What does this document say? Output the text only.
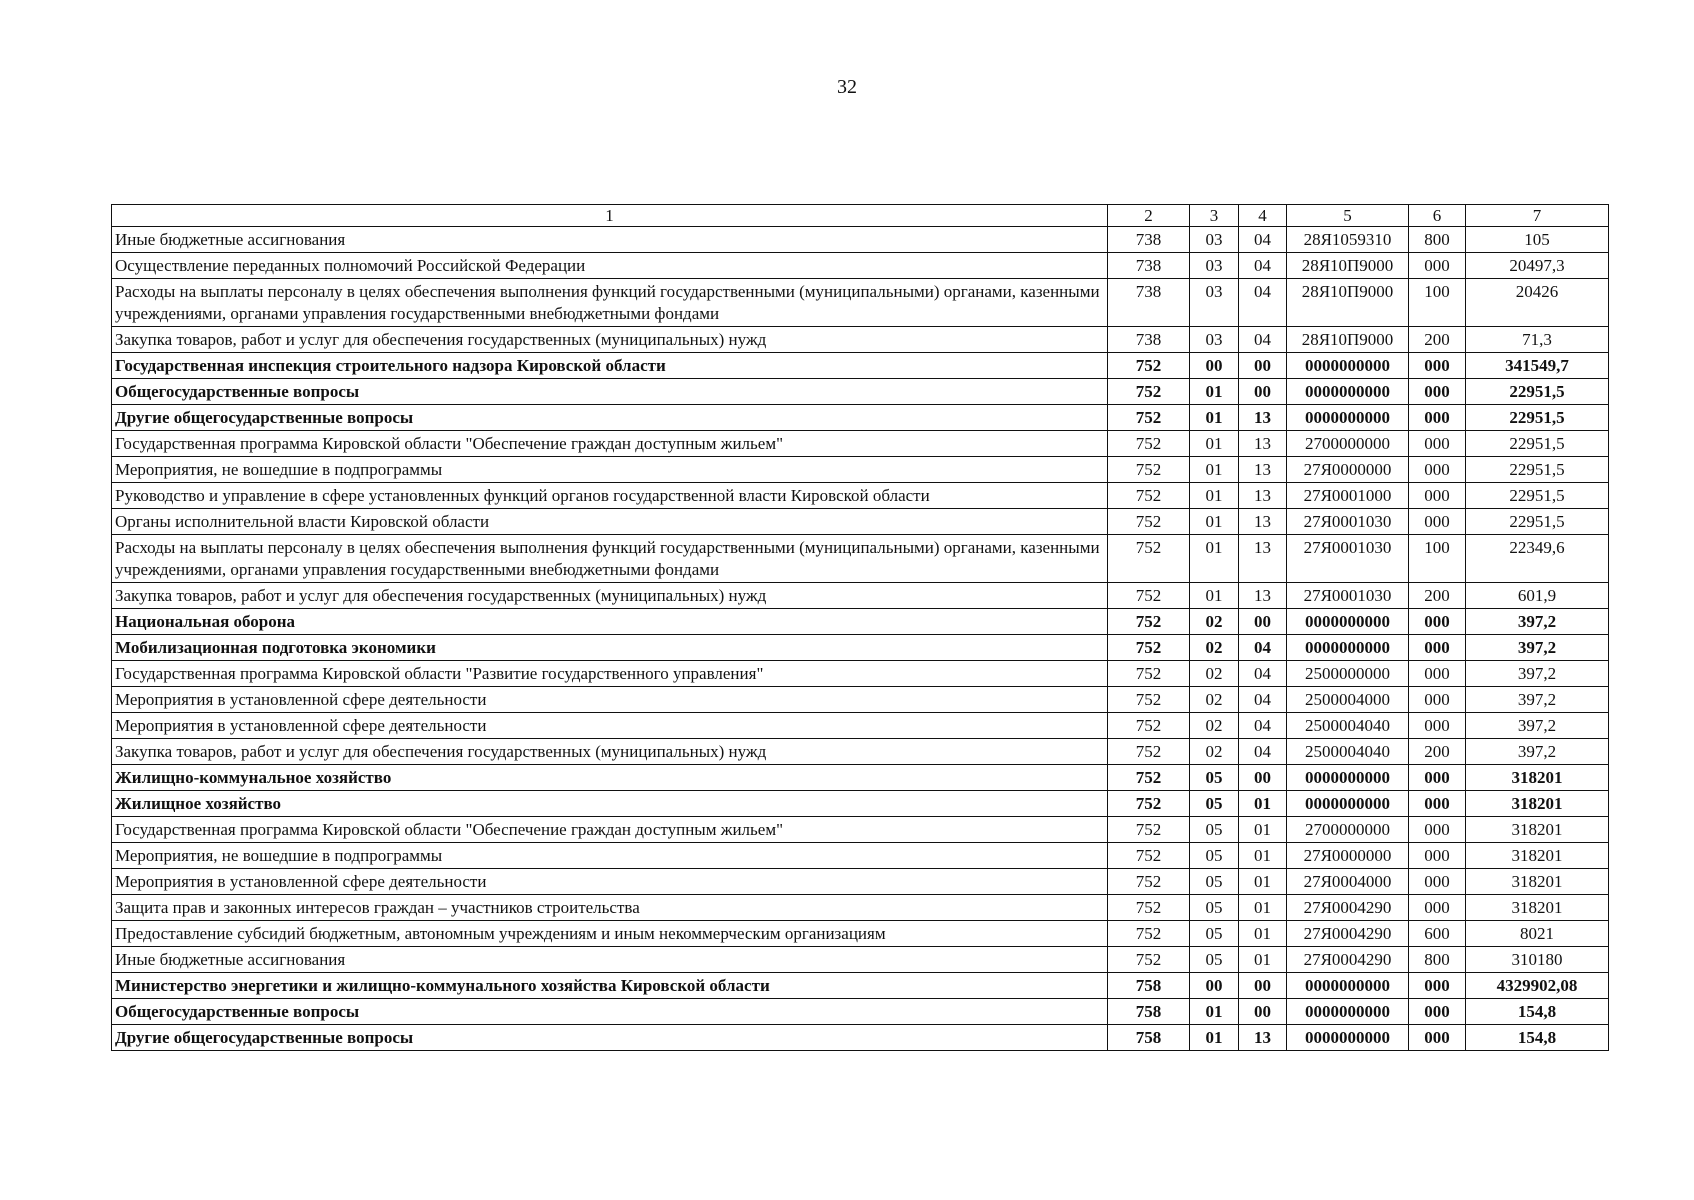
32
1	2	3	4	5	6	7
Иные бюджетные ассигнования	738	03	04	28Я1059310	800	105
Осуществление переданных полномочий Российской Федерации	738	03	04	28Я10П9000	000	20497,3
Расходы на выплаты персоналу в целях обеспечения выполнения функций государственными (муниципальными) органами, казенными учреждениями, органами управления государственными внебюджетными фондами	738	03	04	28Я10П9000	100	20426
Закупка товаров, работ и услуг для обеспечения государственных (муниципальных) нужд	738	03	04	28Я10П9000	200	71,3
Государственная инспекция строительного надзора Кировской области	752	00	00	0000000000	000	341549,7
Общегосударственные вопросы	752	01	00	0000000000	000	22951,5
Другие общегосударственные вопросы	752	01	13	0000000000	000	22951,5
Государственная программа Кировской области "Обеспечение граждан доступным жильем"	752	01	13	2700000000	000	22951,5
Мероприятия, не вошедшие в подпрограммы	752	01	13	27Я0000000	000	22951,5
Руководство и управление в сфере установленных функций органов государственной власти Кировской области	752	01	13	27Я0001000	000	22951,5
Органы исполнительной власти Кировской области	752	01	13	27Я0001030	000	22951,5
Расходы на выплаты персоналу в целях обеспечения выполнения функций государственными (муниципальными) органами, казенными учреждениями, органами управления государственными внебюджетными фондами	752	01	13	27Я0001030	100	22349,6
Закупка товаров, работ и услуг для обеспечения государственных (муниципальных) нужд	752	01	13	27Я0001030	200	601,9
Национальная оборона	752	02	00	0000000000	000	397,2
Мобилизационная подготовка экономики	752	02	04	0000000000	000	397,2
Государственная программа Кировской области "Развитие государственного управления"	752	02	04	2500000000	000	397,2
Мероприятия в установленной сфере деятельности	752	02	04	2500004000	000	397,2
Мероприятия в установленной сфере деятельности	752	02	04	2500004040	000	397,2
Закупка товаров, работ и услуг для обеспечения государственных (муниципальных) нужд	752	02	04	2500004040	200	397,2
Жилищно-коммунальное хозяйство	752	05	00	0000000000	000	318201
Жилищное хозяйство	752	05	01	0000000000	000	318201
Государственная программа Кировской области "Обеспечение граждан доступным жильем"	752	05	01	2700000000	000	318201
Мероприятия, не вошедшие в подпрограммы	752	05	01	27Я0000000	000	318201
Мероприятия в установленной сфере деятельности	752	05	01	27Я0004000	000	318201
Защита прав и законных интересов граждан – участников строительства	752	05	01	27Я0004290	000	318201
Предоставление субсидий бюджетным, автономным учреждениям и иным некоммерческим организациям	752	05	01	27Я0004290	600	8021
Иные бюджетные ассигнования	752	05	01	27Я0004290	800	310180
Министерство энергетики и жилищно-коммунального хозяйства Кировской области	758	00	00	0000000000	000	4329902,08
Общегосударственные вопросы	758	01	00	0000000000	000	154,8
Другие общегосударственные вопросы	758	01	13	0000000000	000	154,8
